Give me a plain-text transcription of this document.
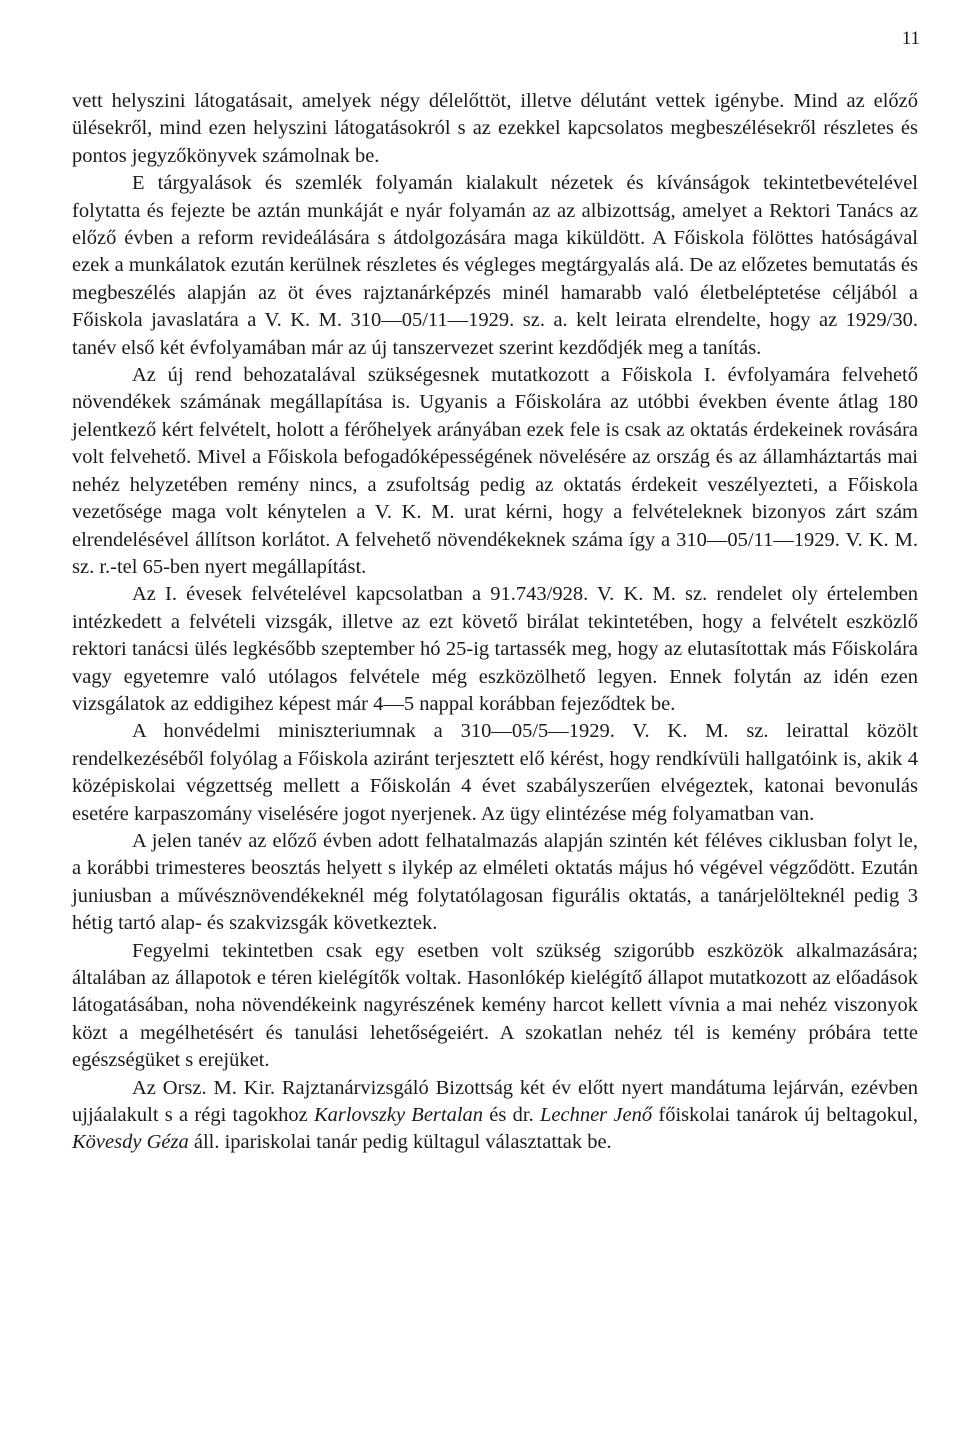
11

vett helyszini látogatásait, amelyek négy délelőttöt, illetve délutánt vettek igénybe. Mind az előző ülésekről, mind ezen helyszini látogatásokról s az ezekkel kapcsolatos megbeszélésekről részletes és pontos jegyzőkönyvek számolnak be.

E tárgyalások és szemlék folyamán kialakult nézetek és kívánságok tekintetbevételével folytatta és fejezte be aztán munkáját e nyár folyamán az az albizottság, amelyet a Rektori Tanács az előző évben a reform revideálására s átdolgozására maga kiküldött. A Főiskola fölöttes hatóságával ezek a munkálatok ezután kerülnek részletes és végleges megtárgyalás alá. De az előzetes bemutatás és megbeszélés alapján az öt éves rajztanárképzés minél hamarabb való életbeléptetése céljából a Főiskola javaslatára a V. K. M. 310—05/11—1929. sz. a. kelt leirata elrendelte, hogy az 1929/30. tanév első két évfolyamában már az új tanszervezet szerint kezdődjék meg a tanítás.

Az új rend behozatalával szükségesnek mutatkozott a Főiskola I. évfolyamára felvehető növendékek számának megállapítása is. Ugyanis a Főiskolára az utóbbi években évente átlag 180 jelentkező kért felvételt, holott a férőhelyek arányában ezek fele is csak az oktatás érdekeinek rovására volt felvehető. Mivel a Főiskola befogadóképességének növelésére az ország és az államháztartás mai nehéz helyzetében remény nincs, a zsufoltság pedig az oktatás érdekeit veszélyezteti, a Főiskola vezetősége maga volt kénytelen a V. K. M. urat kérni, hogy a felvételeknek bizonyos zárt szám elrendelésével állítson korlátot. A felvehető növendékeknek száma így a 310—05/11—1929. V. K. M. sz. r.-tel 65-ben nyert megállapítást.

Az I. évesek felvételével kapcsolatban a 91.743/928. V. K. M. sz. rendelet oly értelemben intézkedett a felvételi vizsgák, illetve az ezt követő birálat tekintetében, hogy a felvételt eszközlő rektori tanácsi ülés legkésőbb szeptember hó 25-ig tartassék meg, hogy az elutasítottak más Főiskolára vagy egyetemre való utólagos felvétele még eszközölhető legyen. Ennek folytán az idén ezen vizsgálatok az eddigihez képest már 4—5 nappal korábban fejeződtek be.

A honvédelmi miniszteriumnak a 310—05/5—1929. V. K. M. sz. leirattal közölt rendelkezéséből folyólag a Főiskola aziránt terjesztett elő kérést, hogy rendkívüli hallgatóink is, akik 4 középiskolai végzettség mellett a Főiskolán 4 évet szabályszerűen elvégeztek, katonai bevonulás esetére karpaszomány viselésére jogot nyerjenek. Az ügy elintézése még folyamatban van.

A jelen tanév az előző évben adott felhatalmazás alapján szintén két féléves ciklusban folyt le, a korábbi trimesteres beosztás helyett s ilykép az elméleti oktatás május hó végével végződött. Ezután juniusban a művésznövendékeknél még folytatólagosan figurális oktatás, a tanárjelölteknél pedig 3 hétig tartó alap- és szakvizsgák következtek.

Fegyelmi tekintetben csak egy esetben volt szükség szigorúbb eszközök alkalmazására; általában az állapotok e téren kielégítők voltak. Hasonlókép kielégítő állapot mutatkozott az előadások látogatásában, noha növendékeink nagyrészének kemény harcot kellett vívnia a mai nehéz viszonyok közt a megélhetésért és tanulási lehetőségeiért. A szokatlan nehéz tél is kemény próbára tette egészségüket s erejüket.

Az Orsz. M. Kir. Rajztanárvizsgáló Bizottság két év előtt nyert mandátuma lejárván, ezévben ujjáalakult s a régi tagokhoz Karlovszky Bertalan és dr. Lechner Jenő főiskolai tanárok új beltagokul, Kövesdy Géza áll. ipariskolai tanár pedig kültagul választattak be.
